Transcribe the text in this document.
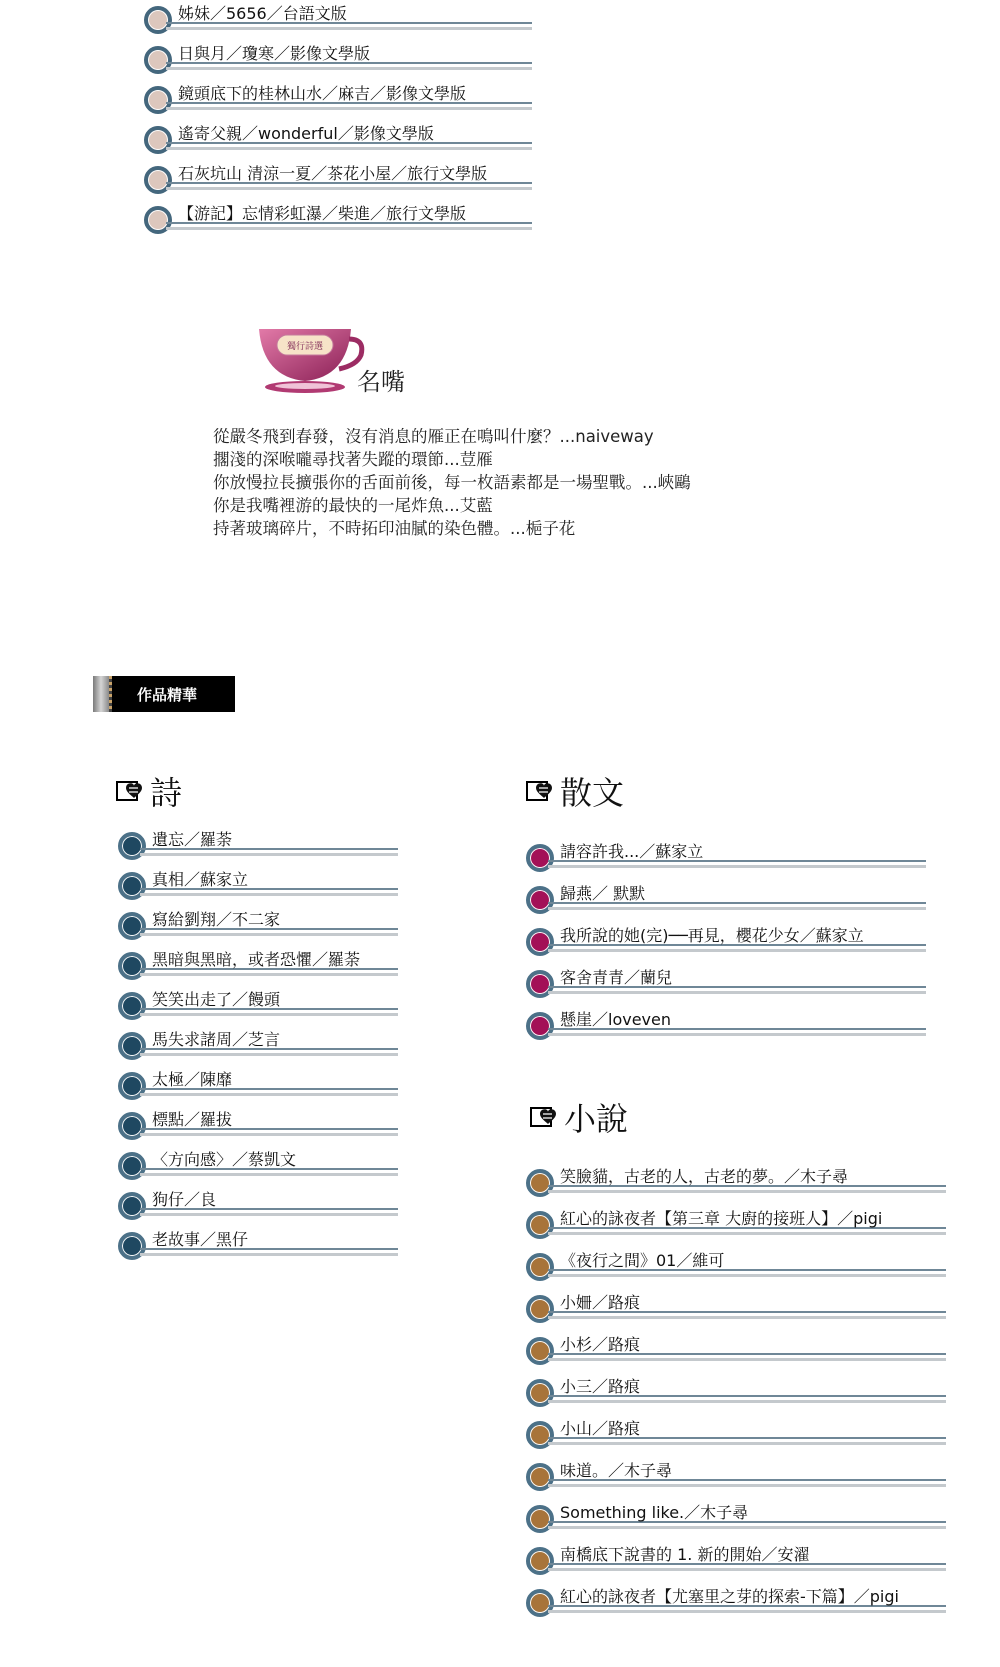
姊妹／5656／台語文版
日與月／瓊寒／影像文學版
鏡頭底下的桂林山水／麻吉／影像文學版
遙寄父親／wonderful／影像文學版
石灰坑山 清涼一夏／茶花小屋／旅行文學版
【游記】忘情彩虹瀑／柴進／旅行文學版
獨行詩選
名嘴
從嚴冬飛到春發，沒有消息的雁正在鳴叫什麼？...naiveway
擱淺的深喉嚨尋找著失蹤的環節...荳雁
你放慢拉長擴張你的舌面前後，每一枚語素都是一場聖戰。...峽鷗
你是我嘴裡游的最快的一尾炸魚...艾藍
持著玻璃碎片，不時拓印油膩的染色體。...梔子花
作品精華
詩
遺忘／羅荼
真相／蘇家立
寫給劉翔／不二家
黑暗與黑暗，或者恐懼／羅荼
笑笑出走了／饅頭
馬失求諸周／芝言
太極／陳靡
標點／羅拔
〈方向感〉／蔡凱文
狗仔／良
老故事／黑仔
散文
請容許我...／蘇家立
歸燕／ 默默
我所說的她(完)──再見，櫻花少女／蘇家立
客舍青青／蘭兒
懸崖／loveven
小說
笑臉貓，古老的人，古老的夢。／木子尋
紅心的詠夜者【第三章 大廚的接班人】／pigi
《夜行之間》01／維可
小姍／路痕
小杉／路痕
小三／路痕
小山／路痕
味道。／木子尋
Something like.／木子尋
南橋底下說書的 1. 新的開始／安濯
紅心的詠夜者【尤塞里之芽的探索-下篇】／pigi
